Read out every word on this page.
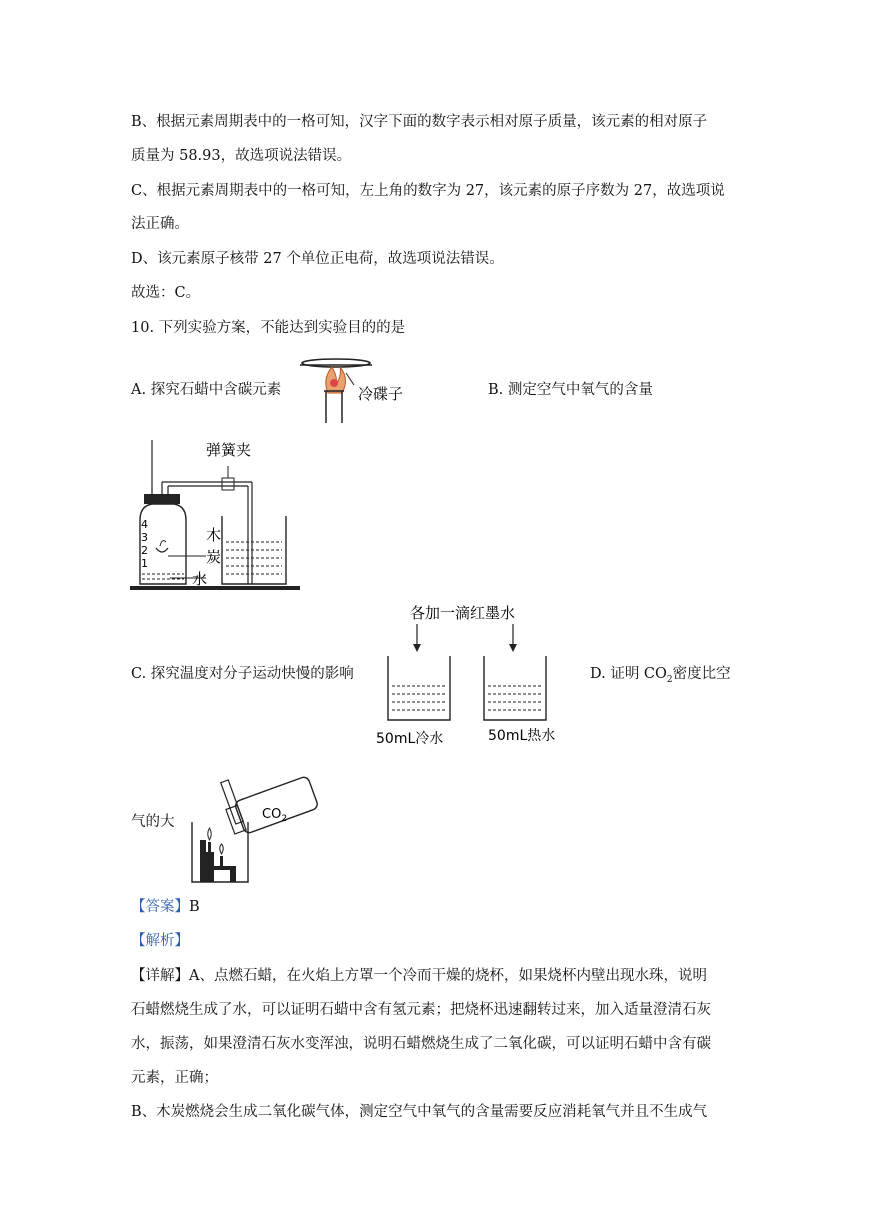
B、根据元素周期表中的一格可知，汉字下面的数字表示相对原子质量，该元素的相对原子
质量为 58.93，故选项说法错误。
C、根据元素周期表中的一格可知，左上角的数字为 27，该元素的原子序数为 27，故选项说
法正确。
D、该元素原子核带 27 个单位正电荷，故选项说法错误。
故选：C。
10. 下列实验方案，不能达到实验目的的是
A. 探究石蜡中含碳元素	B. 测定空气中氧气的含量
C. 探究温度对分子运动快慢的影响	D. 证明 $CO_2$密度比空
气的大
冷碟子
弹簧夹
4
3
2
1
木
炭
水
各加一滴红墨水
50mL冷水	50mL热水
$CO_2$
【答案】B
【解析】
【详解】A、点燃石蜡，在火焰上方罩一个冷而干燥的烧杯，如果烧杯内壁出现水珠，说明
石蜡燃烧生成了水，可以证明石蜡中含有氢元素；把烧杯迅速翻转过来，加入适量澄清石灰
水，振荡，如果澄清石灰水变浑浊，说明石蜡燃烧生成了二氧化碳，可以证明石蜡中含有碳
元素，正确；
B、木炭燃烧会生成二氧化碳气体，测定空气中氧气的含量需要反应消耗氧气并且不生成气
